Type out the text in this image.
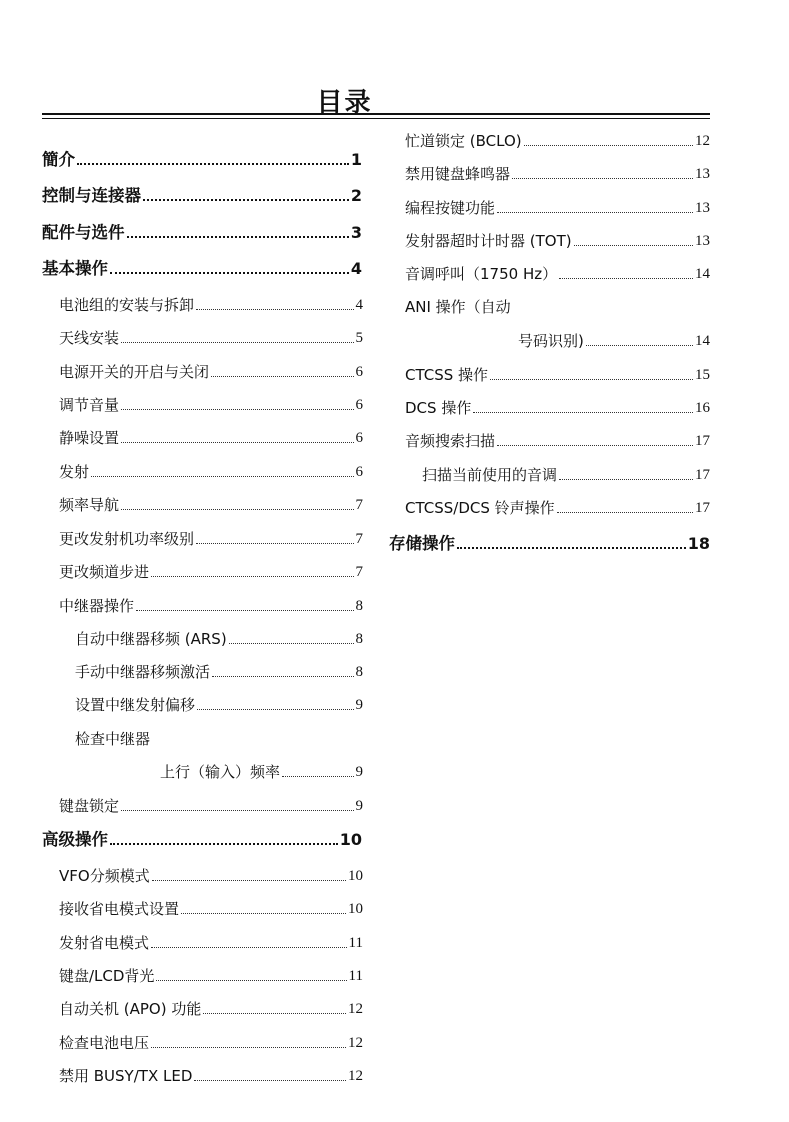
目录
簡介	1
控制与连接器	2
配件与选件	3
基本操作	4
电池组的安装与拆卸	4
天线安装	5
电源开关的开启与关闭	6
调节音量	6
静噪设置	6
发射	6
频率导航	7
更改发射机功率级别	7
更改频道步进	7
中继器操作	8
自动中继器移频 (ARS)	8
手动中继器移频激活	8
设置中继发射偏移	9
检查中继器
上行（输入）频率	9
键盘锁定	9
高级操作	10
VFO分频模式	10
接收省电模式设置	10
发射省电模式	11
键盘/LCD背光	11
自动关机 (APO) 功能	12
检查电池电压	12
禁用 BUSY/TX LED	12
忙道锁定 (BCLO)	12
禁用键盘蜂鸣器	13
编程按键功能	13
发射器超时计时器 (TOT)	13
音调呼叫（1750 Hz）	14
ANI 操作（自动
号码识别)	14
CTCSS 操作	15
DCS 操作	16
音频搜索扫描	17
扫描当前使用的音调	17
CTCSS/DCS 铃声操作	17
存储操作	18
